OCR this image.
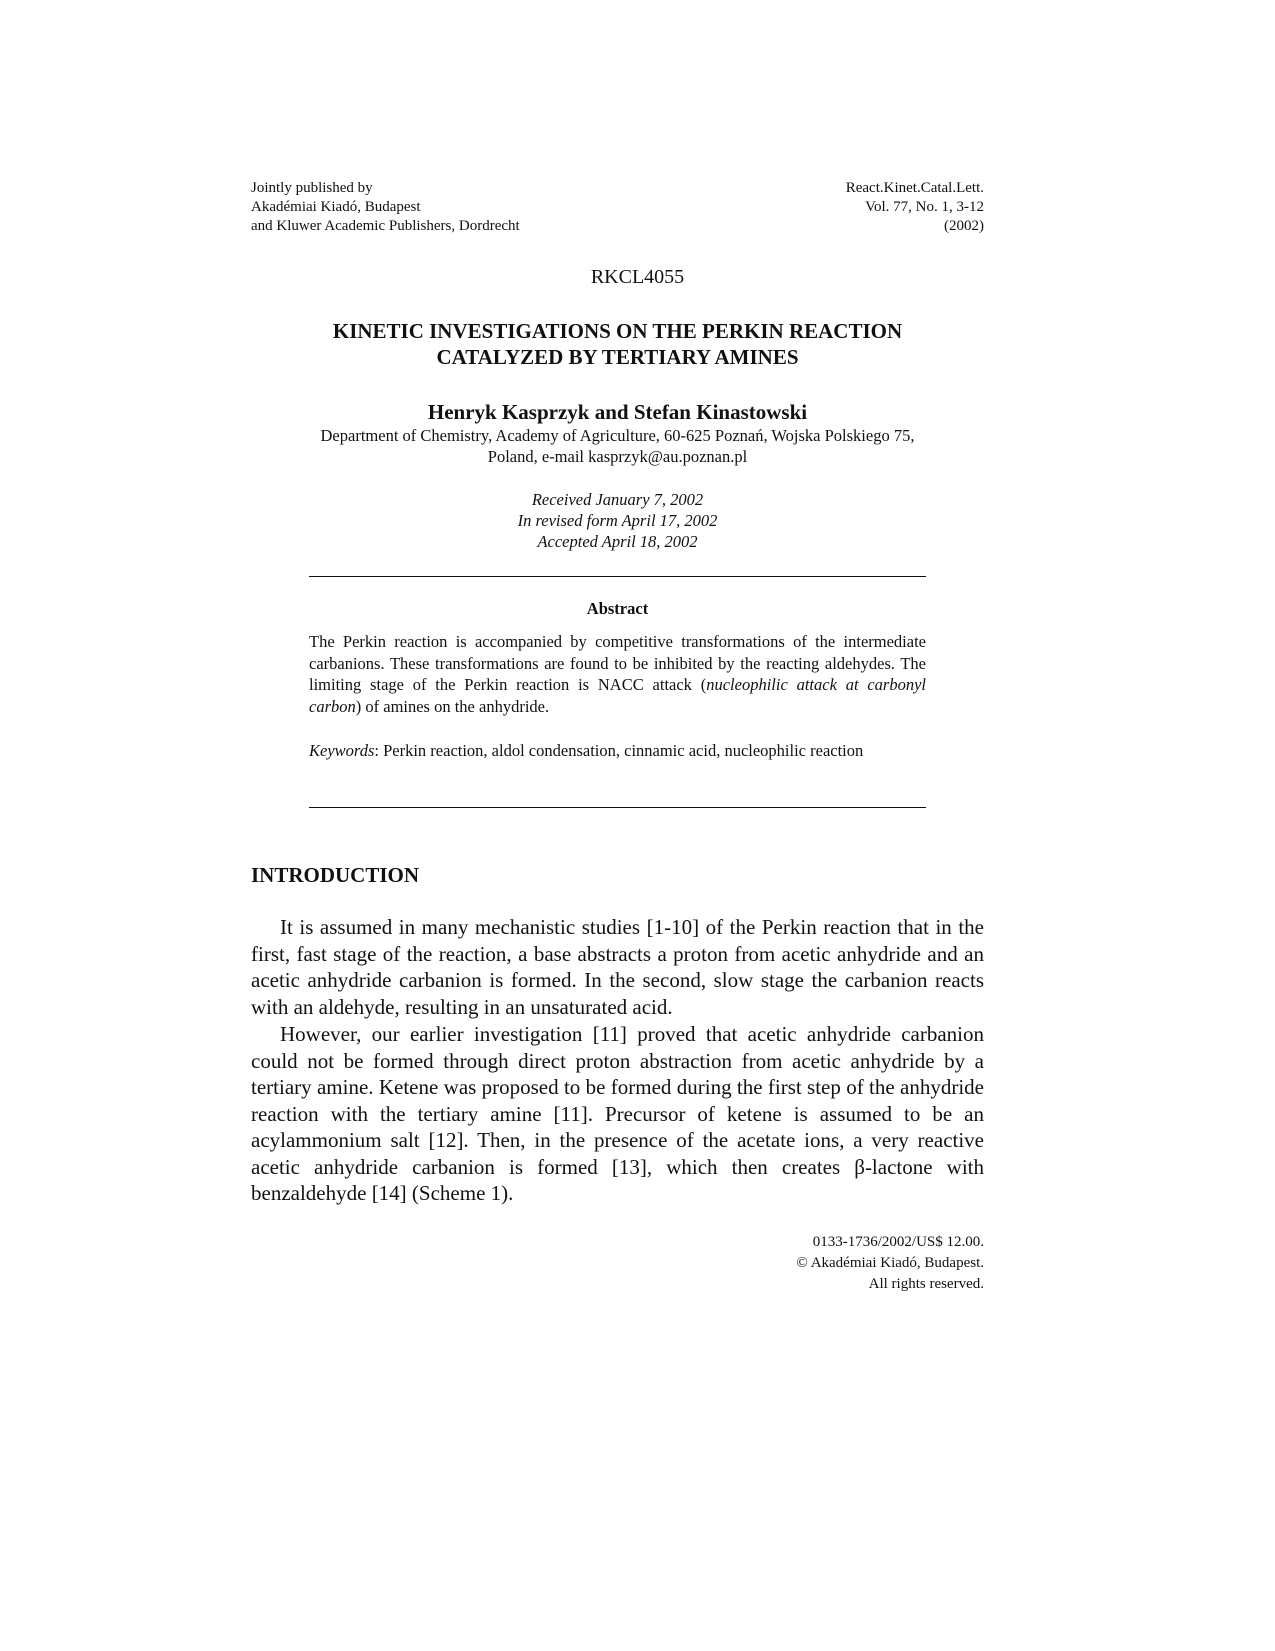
Jointly published by
Akadémiai Kiadó, Budapest
and Kluwer Academic Publishers, Dordrecht
React.Kinet.Catal.Lett.
Vol. 77, No. 1, 3-12
(2002)
RKCL4055
KINETIC INVESTIGATIONS ON THE PERKIN REACTION
CATALYZED BY TERTIARY AMINES
Henryk Kasprzyk and Stefan Kinastowski
Department of Chemistry, Academy of Agriculture, 60-625 Poznań, Wojska Polskiego 75,
Poland, e-mail kasprzyk@au.poznan.pl
Received January 7, 2002
In revised form April 17, 2002
Accepted April 18, 2002
Abstract

The Perkin reaction is accompanied by competitive transformations of the intermediate carbanions. These transformations are found to be inhibited by the reacting aldehydes. The limiting stage of the Perkin reaction is NACC attack (nucleophilic attack at carbonyl carbon) of amines on the anhydride.

Keywords: Perkin reaction, aldol condensation, cinnamic acid, nucleophilic reaction

INTRODUCTION

It is assumed in many mechanistic studies [1-10] of the Perkin reaction that in the first, fast stage of the reaction, a base abstracts a proton from acetic anhydride and an acetic anhydride carbanion is formed. In the second, slow stage the carbanion reacts with an aldehyde, resulting in an unsaturated acid.

However, our earlier investigation [11] proved that acetic anhydride carbanion could not be formed through direct proton abstraction from acetic anhydride by a tertiary amine. Ketene was proposed to be formed during the first step of the anhydride reaction with the tertiary amine [11]. Precursor of ketene is assumed to be an acylammonium salt [12]. Then, in the presence of the acetate ions, a very reactive acetic anhydride carbanion is formed [13], which then creates β-lactone with benzaldehyde [14] (Scheme 1).

0133-1736/2002/US$ 12.00.
© Akadémiai Kiadó, Budapest.
All rights reserved.
